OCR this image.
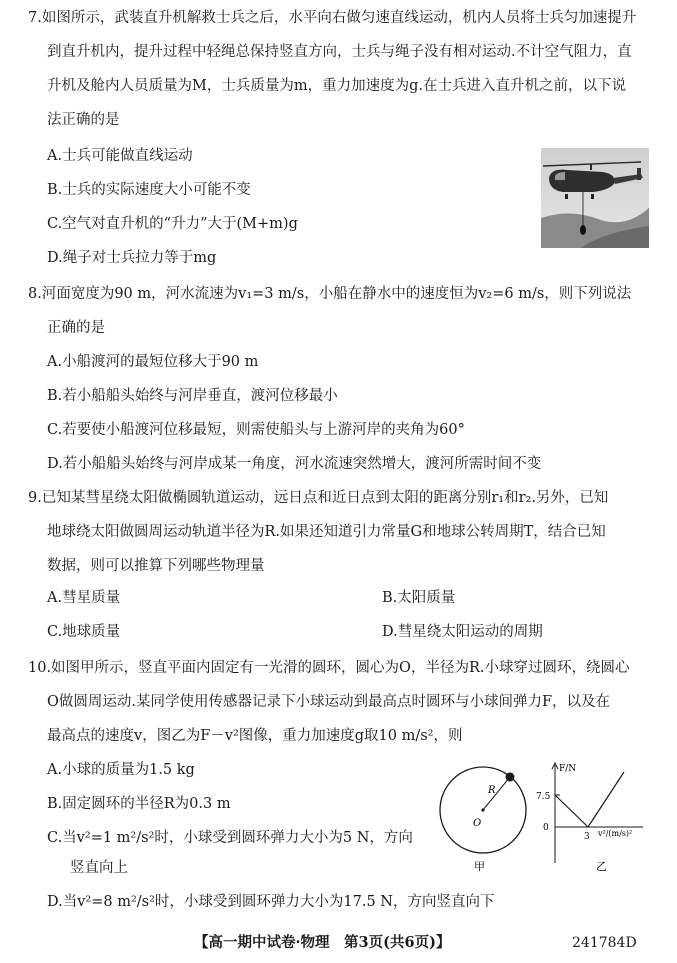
7.如图所示，武装直升机解救士兵之后，水平向右做匀速直线运动，机内人员将士兵匀加速提升
到直升机内，提升过程中轻绳总保持竖直方向，士兵与绳子没有相对运动.不计空气阻力，直
升机及舱内人员质量为M，士兵质量为m，重力加速度为g.在士兵进入直升机之前，以下说
法正确的是
A.士兵可能做直线运动
B.士兵的实际速度大小可能不变
C.空气对直升机的“升力”大于(M+m)g
D.绳子对士兵拉力等于mg
8.河面宽度为90 m，河水流速为v₁=3 m/s，小船在静水中的速度恒为v₂=6 m/s，则下列说法
正确的是
A.小船渡河的最短位移大于90 m
B.若小船船头始终与河岸垂直，渡河位移最小
C.若要使小船渡河位移最短，则需使船头与上游河岸的夹角为60°
D.若小船船头始终与河岸成某一角度，河水流速突然增大，渡河所需时间不变
9.已知某彗星绕太阳做椭圆轨道运动，远日点和近日点到太阳的距离分别r₁和r₂.另外，已知
地球绕太阳做圆周运动轨道半径为R.如果还知道引力常量G和地球公转周期T，结合已知
数据，则可以推算下列哪些物理量
A.彗星质量	B.太阳质量
C.地球质量	D.彗星绕太阳运动的周期
10.如图甲所示，竖直平面内固定有一光滑的圆环，圆心为O，半径为R.小球穿过圆环，绕圆心
O做圆周运动.某同学使用传感器记录下小球运动到最高点时圆环与小球间弹力F，以及在
最高点的速度v，图乙为F－v²图像，重力加速度g取10 m/s²，则
A.小球的质量为1.5 kg
B.固定圆环的半径R为0.3 m
C.当v²=1 m²/s²时，小球受到圆环弹力大小为5 N，方向
竖直向上
D.当v²=8 m²/s²时，小球受到圆环弹力大小为17.5 N，方向竖直向下
R
O
甲
F/N
7.5
0
3 v²/(m/s)²
乙
【高一期中试卷·物理　第3页(共6页)】	241784D
